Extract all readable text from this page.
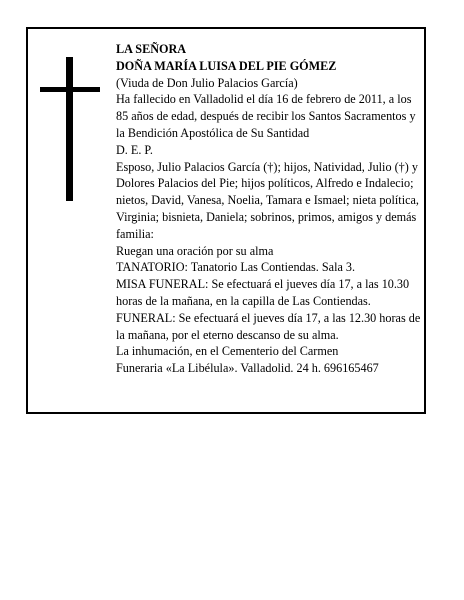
LA SEÑORA

DOÑA MARÍA LUISA DEL PIE GÓMEZ

(Viuda de Don Julio Palacios García)

Ha fallecido en Valladolid el día 16 de febrero de 2011, a los 85 años de edad, después de recibir los Santos Sacramentos y la Bendición Apostólica de Su Santidad

D. E. P.

Esposo, Julio Palacios García (†); hijos, Natividad, Julio (†) y Dolores Palacios del Pie; hijos políticos, Alfredo e Indalecio; nietos, David, Vanesa, Noelia, Tamara e Ismael; nieta política, Virginia; bisnieta, Daniela; sobrinos, primos, amigos y demás familia:

Ruegan una oración por su alma

TANATORIO: Tanatorio Las Contiendas. Sala 3.

MISA FUNERAL: Se efectuará el jueves día 17, a las 10.30 horas de la mañana, en la capilla de Las Contiendas.

FUNERAL: Se efectuará el jueves día 17, a las 12.30 horas de la mañana, por el eterno descanso de su alma.

La inhumación, en el Cementerio del Carmen

Funeraria «La Libélula». Valladolid. 24 h. 696165467
